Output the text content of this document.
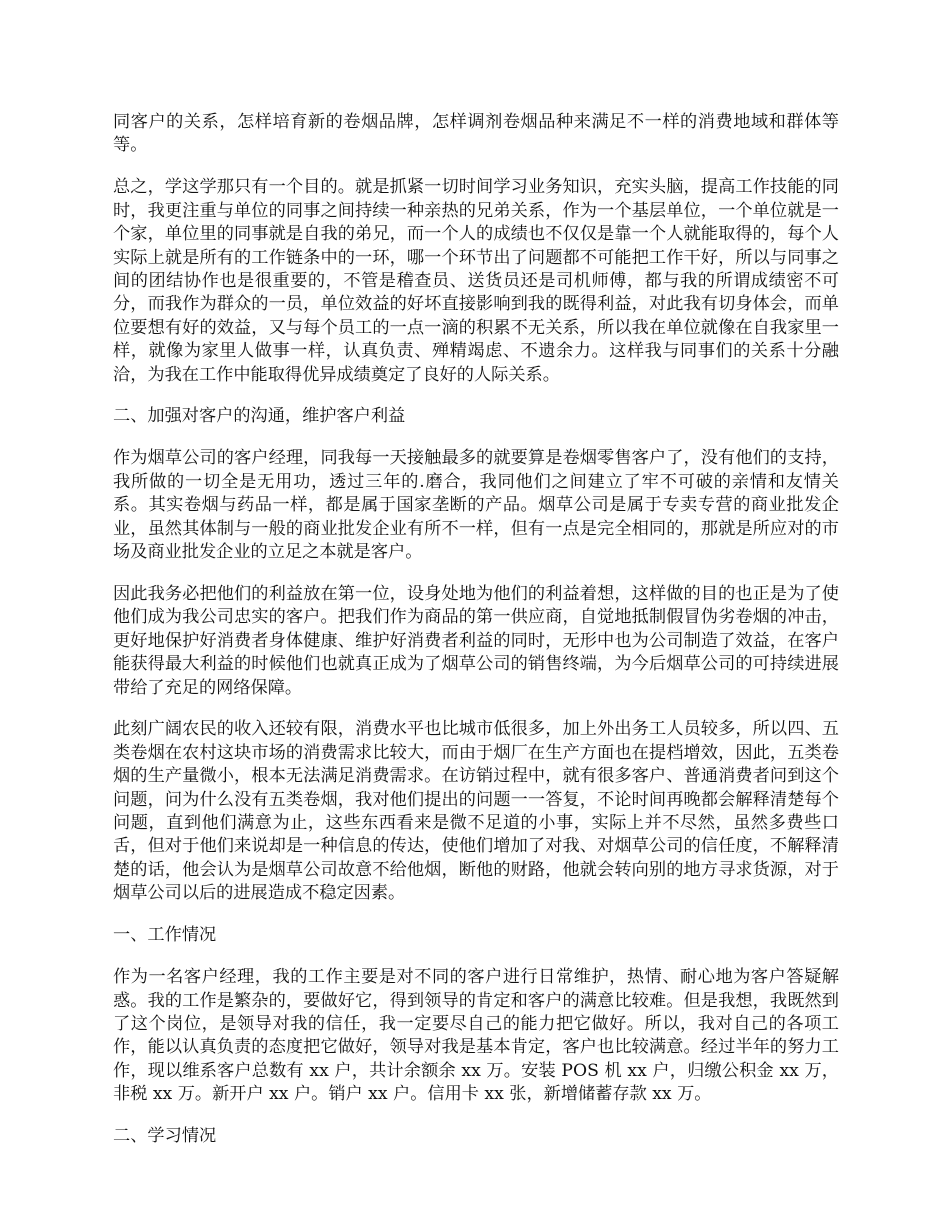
同客户的关系，怎样培育新的卷烟品牌，怎样调剂卷烟品种来满足不一样的消费地域和群体等等。

总之，学这学那只有一个目的。就是抓紧一切时间学习业务知识，充实头脑，提高工作技能的同时，我更注重与单位的同事之间持续一种亲热的兄弟关系，作为一个基层单位，一个单位就是一个家，单位里的同事就是自我的弟兄，而一个人的成绩也不仅仅是靠一个人就能取得的，每个人实际上就是所有的工作链条中的一环，哪一个环节出了问题都不可能把工作干好，所以与同事之间的团结协作也是很重要的，不管是稽查员、送货员还是司机师傅，都与我的所谓成绩密不可分，而我作为群众的一员，单位效益的好坏直接影响到我的既得利益，对此我有切身体会，而单位要想有好的效益，又与每个员工的一点一滴的积累不无关系，所以我在单位就像在自我家里一样，就像为家里人做事一样，认真负责、殚精竭虑、不遗余力。这样我与同事们的关系十分融洽，为我在工作中能取得优异成绩奠定了良好的人际关系。

二、加强对客户的沟通，维护客户利益

作为烟草公司的客户经理，同我每一天接触最多的就要算是卷烟零售客户了，没有他们的支持，我所做的一切全是无用功，透过三年的.磨合，我同他们之间建立了牢不可破的亲情和友情关系。其实卷烟与药品一样，都是属于国家垄断的产品。烟草公司是属于专卖专营的商业批发企业，虽然其体制与一般的商业批发企业有所不一样，但有一点是完全相同的，那就是所应对的市场及商业批发企业的立足之本就是客户。

因此我务必把他们的利益放在第一位，设身处地为他们的利益着想，这样做的目的也正是为了使他们成为我公司忠实的客户。把我们作为商品的第一供应商，自觉地抵制假冒伪劣卷烟的冲击，更好地保护好消费者身体健康、维护好消费者利益的同时，无形中也为公司制造了效益，在客户能获得最大利益的时候他们也就真正成为了烟草公司的销售终端，为今后烟草公司的可持续进展带给了充足的网络保障。

此刻广阔农民的收入还较有限，消费水平也比城市低很多，加上外出务工人员较多，所以四、五类卷烟在农村这块市场的消费需求比较大，而由于烟厂在生产方面也在提档增效，因此，五类卷烟的生产量微小，根本无法满足消费需求。在访销过程中，就有很多客户、普通消费者问到这个问题，问为什么没有五类卷烟，我对他们提出的问题一一答复，不论时间再晚都会解释清楚每个问题，直到他们满意为止，这些东西看来是微不足道的小事，实际上并不尽然，虽然多费些口舌，但对于他们来说却是一种信息的传达，使他们增加了对我、对烟草公司的信任度，不解释清楚的话，他会认为是烟草公司故意不给他烟，断他的财路，他就会转向别的地方寻求货源，对于烟草公司以后的进展造成不稳定因素。

一、工作情况

作为一名客户经理，我的工作主要是对不同的客户进行日常维护，热情、耐心地为客户答疑解惑。我的工作是繁杂的，要做好它，得到领导的肯定和客户的满意比较难。但是我想，我既然到了这个岗位，是领导对我的信任，我一定要尽自己的能力把它做好。所以，我对自己的各项工作，能以认真负责的态度把它做好，领导对我是基本肯定，客户也比较满意。经过半年的努力工作，现以维系客户总数有 xx 户，共计余额余 xx 万。安装 POS 机 xx 户，归缴公积金 xx 万，非税 xx 万。新开户 xx 户。销户 xx 户。信用卡 xx 张，新增储蓄存款 xx 万。

二、学习情况
